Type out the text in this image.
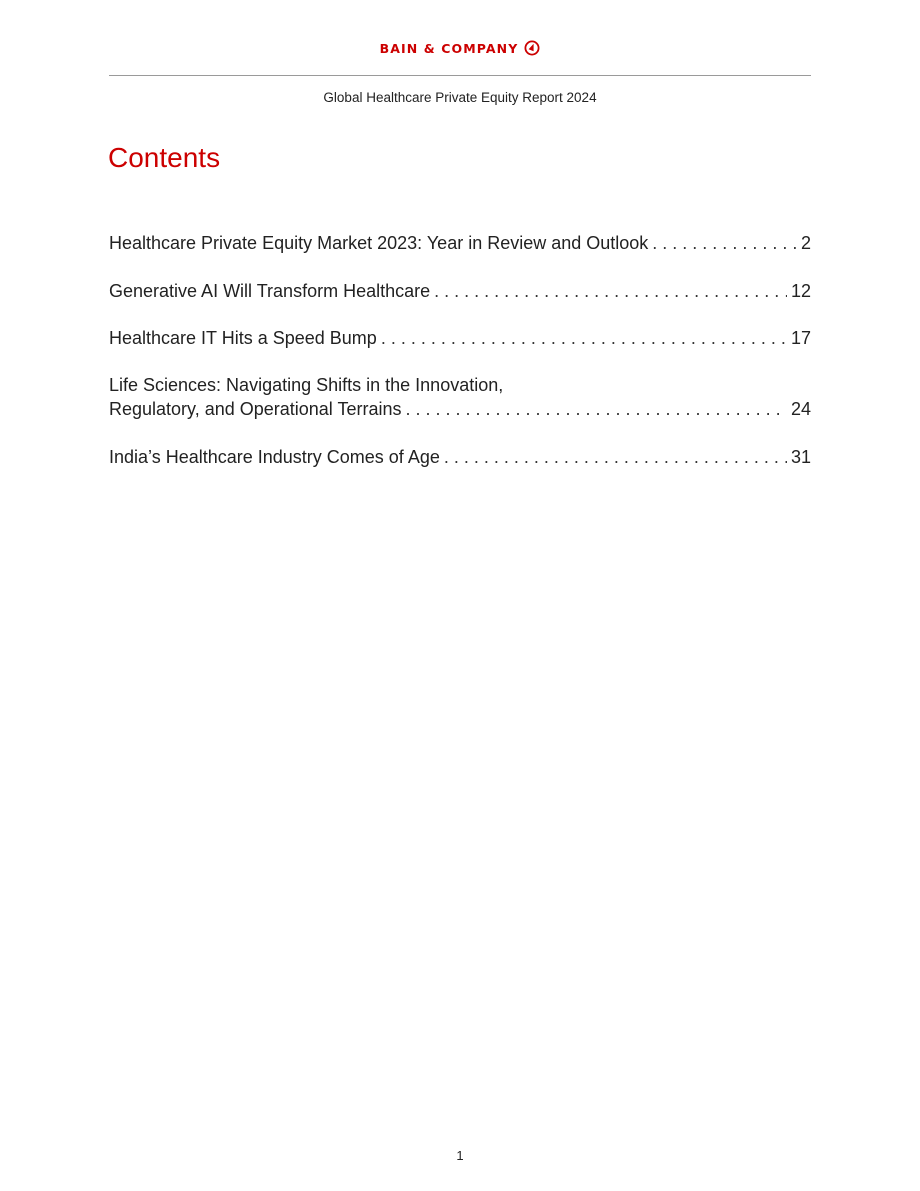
BAIN & COMPANY
Global Healthcare Private Equity Report 2024
Contents
Healthcare Private Equity Market 2023: Year in Review and Outlook . . .	2
Generative AI Will Transform Healthcare . . .	12
Healthcare IT Hits a Speed Bump . . .	17
Life Sciences: Navigating Shifts in the Innovation,
Regulatory, and Operational Terrains . . .	24
India’s Healthcare Industry Comes of Age . . .	31
1
